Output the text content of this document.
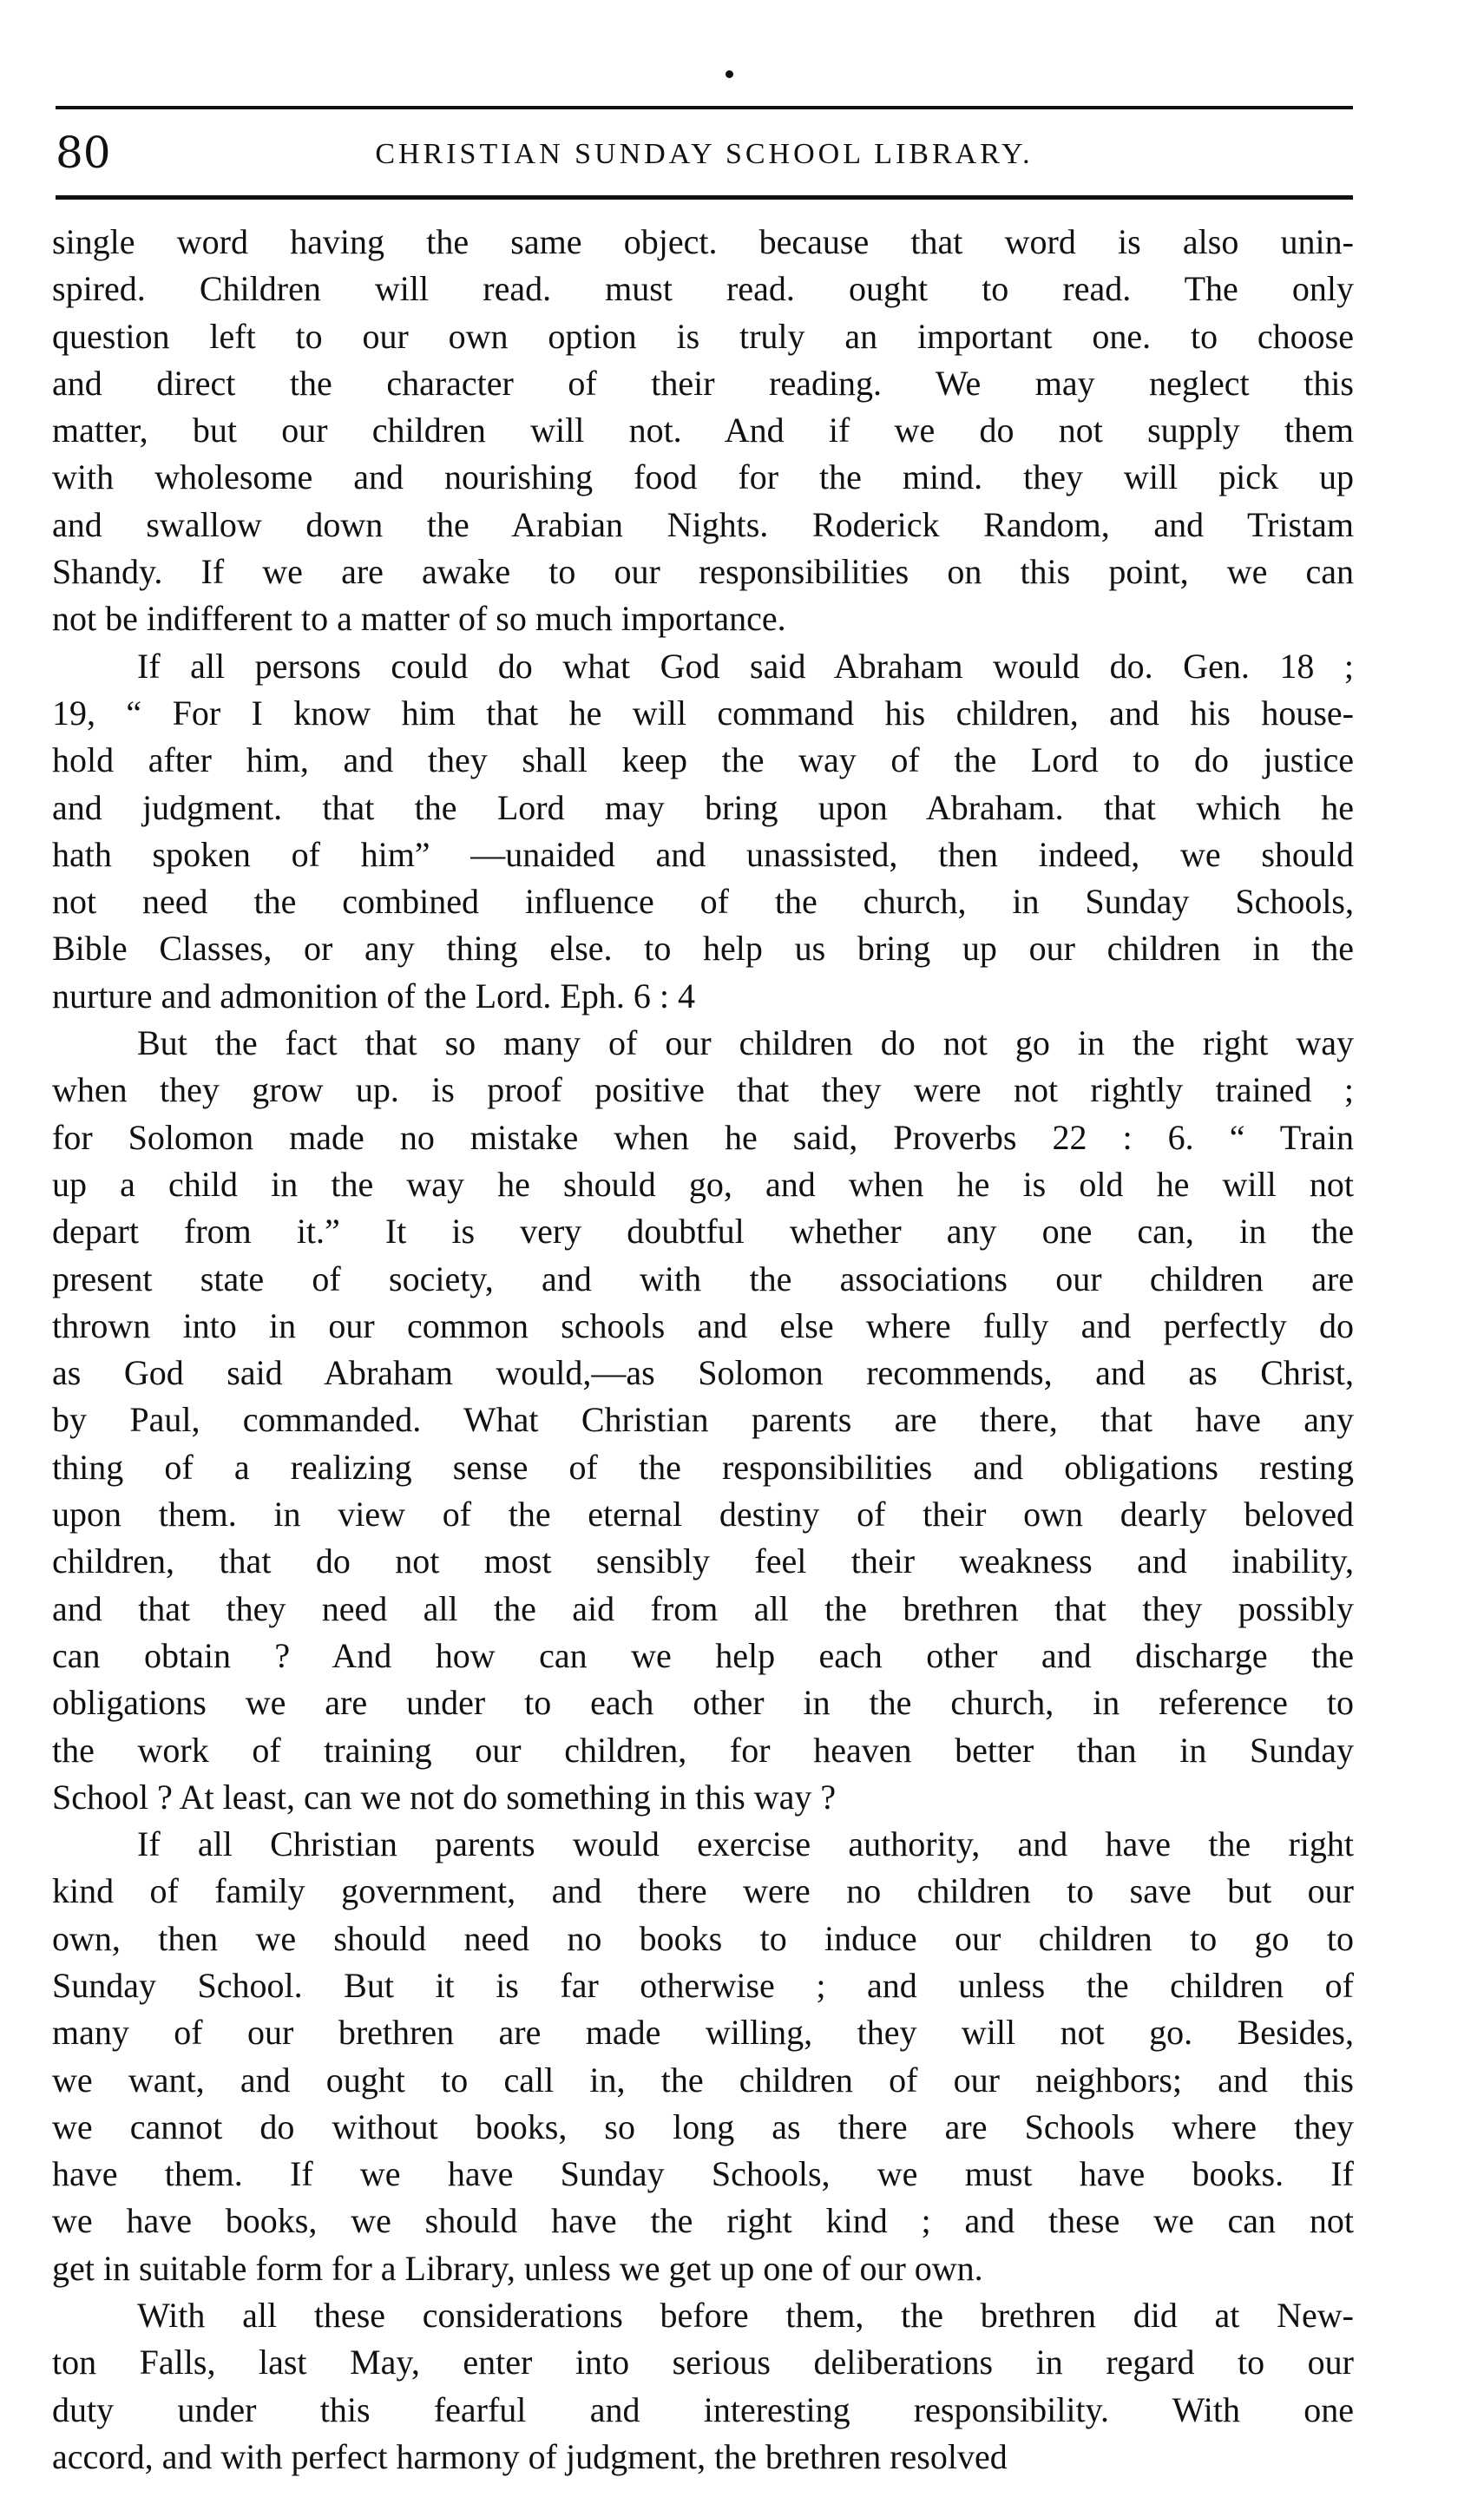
80	CHRISTIAN SUNDAY SCHOOL LIBRARY.
single word having the same object. because that word is also unin-
spired. Children will read. must read. ought to read. The only
question left to our own option is truly an important one. to choose
and direct the character of their reading. We may neglect this
matter, but our children will not. And if we do not supply them
with wholesome and nourishing food for the mind. they will pick up
and swallow down the Arabian Nights. Roderick Random, and Tristam
Shandy. If we are awake to our responsibilities on this point, we can
not be indifferent to a matter of so much importance.
If all persons could do what God said Abraham would do. Gen. 18 ;
19, “ For I know him that he will command his children, and his house-
hold after him, and they shall keep the way of the Lord to do justice
and judgment. that the Lord may bring upon Abraham. that which he
hath spoken of him” —unaided and unassisted, then indeed, we should
not need the combined influence of the church, in Sunday Schools,
Bible Classes, or any thing else. to help us bring up our children in the
nurture and admonition of the Lord. Eph. 6 : 4
But the fact that so many of our children do not go in the right way
when they grow up. is proof positive that they were not rightly trained ;
for Solomon made no mistake when he said, Proverbs 22 : 6. “ Train
up a child in the way he should go, and when he is old he will not
depart from it.” It is very doubtful whether any one can, in the
present state of society, and with the associations our children are
thrown into in our common schools and else where fully and perfectly do
as God said Abraham would,—as Solomon recommends, and as Christ,
by Paul, commanded. What Christian parents are there, that have any
thing of a realizing sense of the responsibilities and obligations resting
upon them. in view of the eternal destiny of their own dearly beloved
children, that do not most sensibly feel their weakness and inability,
and that they need all the aid from all the brethren that they possibly
can obtain ? And how can we help each other and discharge the
obligations we are under to each other in the church, in reference to
the work of training our children, for heaven better than in Sunday
School ? At least, can we not do something in this way ?
If all Christian parents would exercise authority, and have the right
kind of family government, and there were no children to save but our
own, then we should need no books to induce our children to go to
Sunday School. But it is far otherwise ; and unless the children of
many of our brethren are made willing, they will not go. Besides,
we want, and ought to call in, the children of our neighbors; and this
we cannot do without books, so long as there are Schools where they
have them. If we have Sunday Schools, we must have books. If
we have books, we should have the right kind ; and these we can not
get in suitable form for a Library, unless we get up one of our own.
With all these considerations before them, the brethren did at New-
ton Falls, last May, enter into serious deliberations in regard to our
duty under this fearful and interesting responsibility. With one
accord, and with perfect harmony of judgment, the brethren resolved
